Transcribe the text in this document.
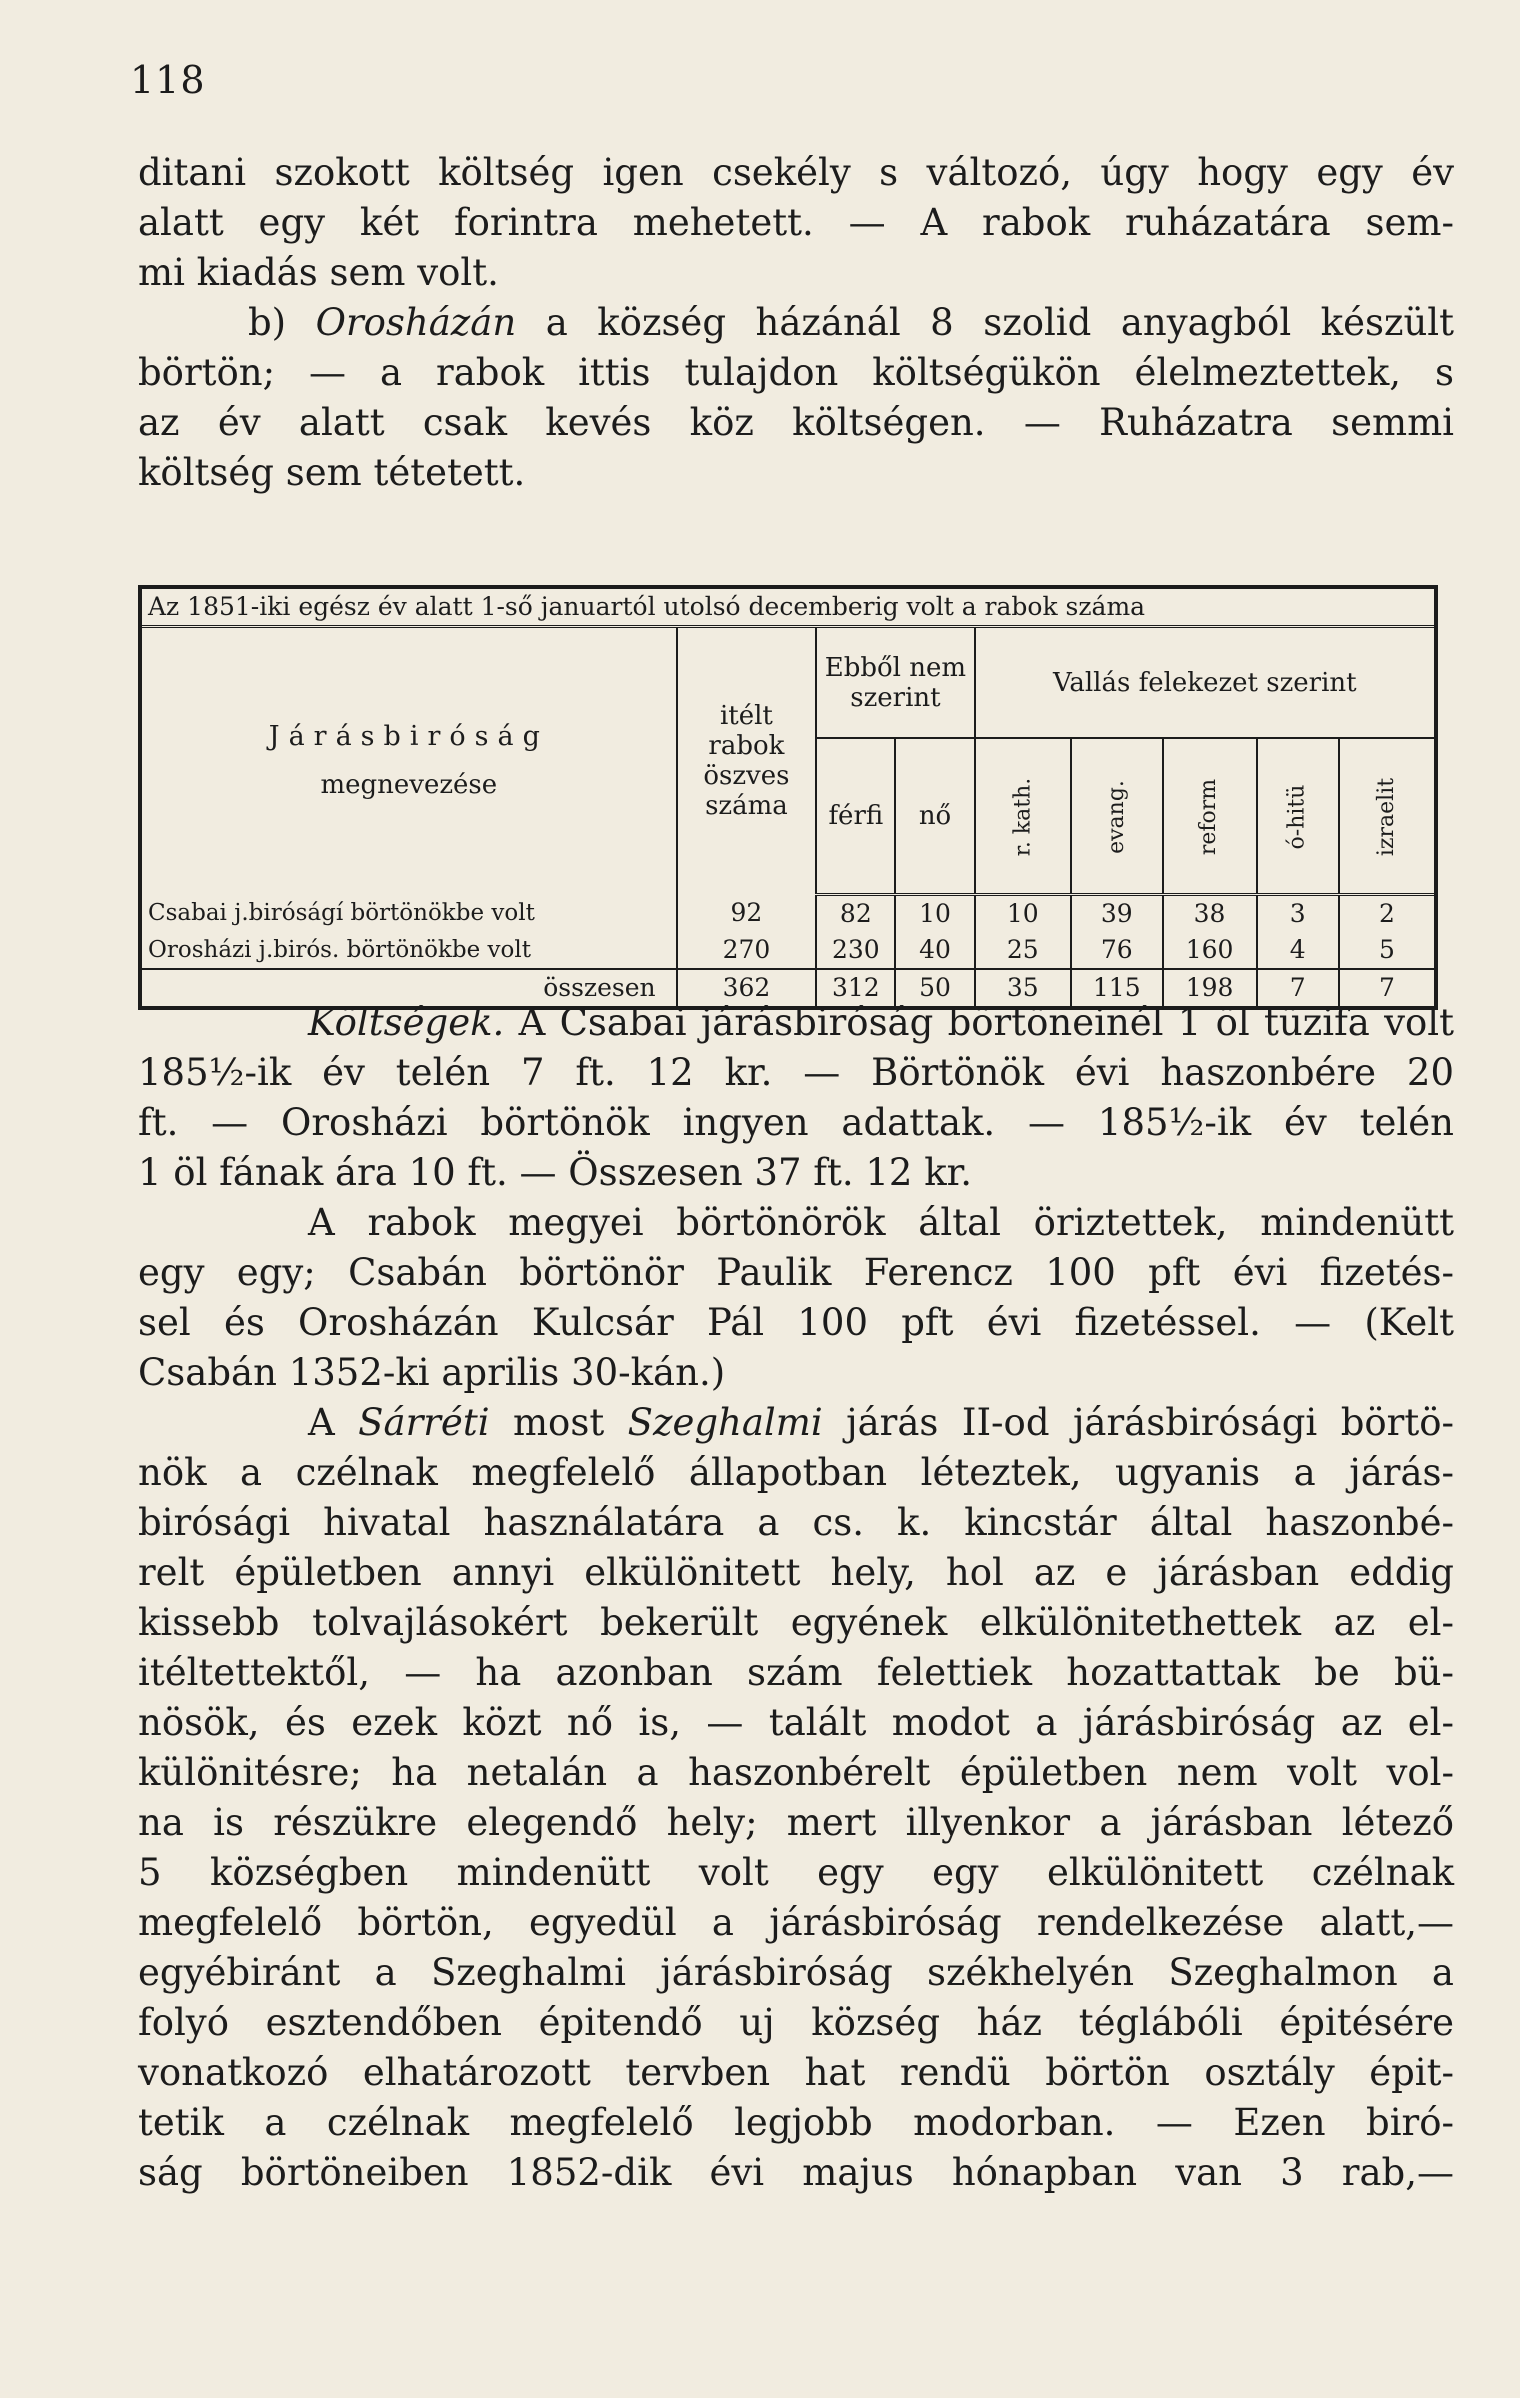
118
ditani szokott költség igen csekély s változó, úgy hogy egy év
alatt egy két forintra mehetett. — A rabok ruházatára sem-
mi kiadás sem volt.
b) Orosházán a község házánál 8 szolid anyagból készült
börtön; — a rabok ittis tulajdon költségükön élelmeztettek, s
az év alatt csak kevés köz költségen. — Ruházatra semmi
költség sem tétetett.
Az 1851-iki egész év alatt 1-ső januartól utolsó decemberig volt a rabok száma								

Járásbiróság
megnevezése	itélt rabok öszves száma	Ebből nem szerint		Vallás felekezet szerint				
		férfi	nő	r. kath.	evang.	reform	ó-hitü	izraelit
Csabai j.biróságí börtönökbe volt	92	82	10	10	39	38	3	2
Orosházi j.birós. börtönökbe volt	270	230	40	25	76	160	4	5
összesen	362	312	50	35	115	198	7	7
Költségek. A Csabai járásbiróság börtöneinél 1 öl tüzifa volt
185½-ik év telén 7 ft. 12 kr. — Börtönök évi haszonbére 20
ft. — Orosházi börtönök ingyen adattak. — 185½-ik év telén
1 öl fának ára 10 ft. — Összesen 37 ft. 12 kr.
A rabok megyei börtönörök által öriztettek, mindenütt
egy egy; Csabán börtönör Paulik Ferencz 100 pft évi fizetés-
sel és Orosházán Kulcsár Pál 100 pft évi fizetéssel. — (Kelt
Csabán 1352-ki aprilis 30-kán.)
A Sárréti most Szeghalmi járás II-od járásbirósági börtö-
nök a czélnak megfelelő állapotban léteztek, ugyanis a járás-
birósági hivatal használatára a cs. k. kincstár által haszonbé-
relt épületben annyi elkülönitett hely, hol az e járásban eddig
kissebb tolvajlásokért bekerült egyének elkülönitethettek az el-
itéltettektől, — ha azonban szám felettiek hozattattak be bü-
nösök, és ezek közt nő is, — talált modot a járásbiróság az el-
különitésre; ha netalán a haszonbérelt épületben nem volt vol-
na is részükre elegendő hely; mert illyenkor a járásban létező
5 községben mindenütt volt egy egy elkülönitett czélnak
megfelelő börtön, egyedül a járásbiróság rendelkezése alatt,—
egyébiránt a Szeghalmi járásbiróság székhelyén Szeghalmon a
folyó esztendőben épitendő uj község ház téglábóli épitésére
vonatkozó elhatározott tervben hat rendü börtön osztály épit-
tetik a czélnak megfelelő legjobb modorban. — Ezen biró-
ság börtöneiben 1852-dik évi majus hónapban van 3 rab,—
